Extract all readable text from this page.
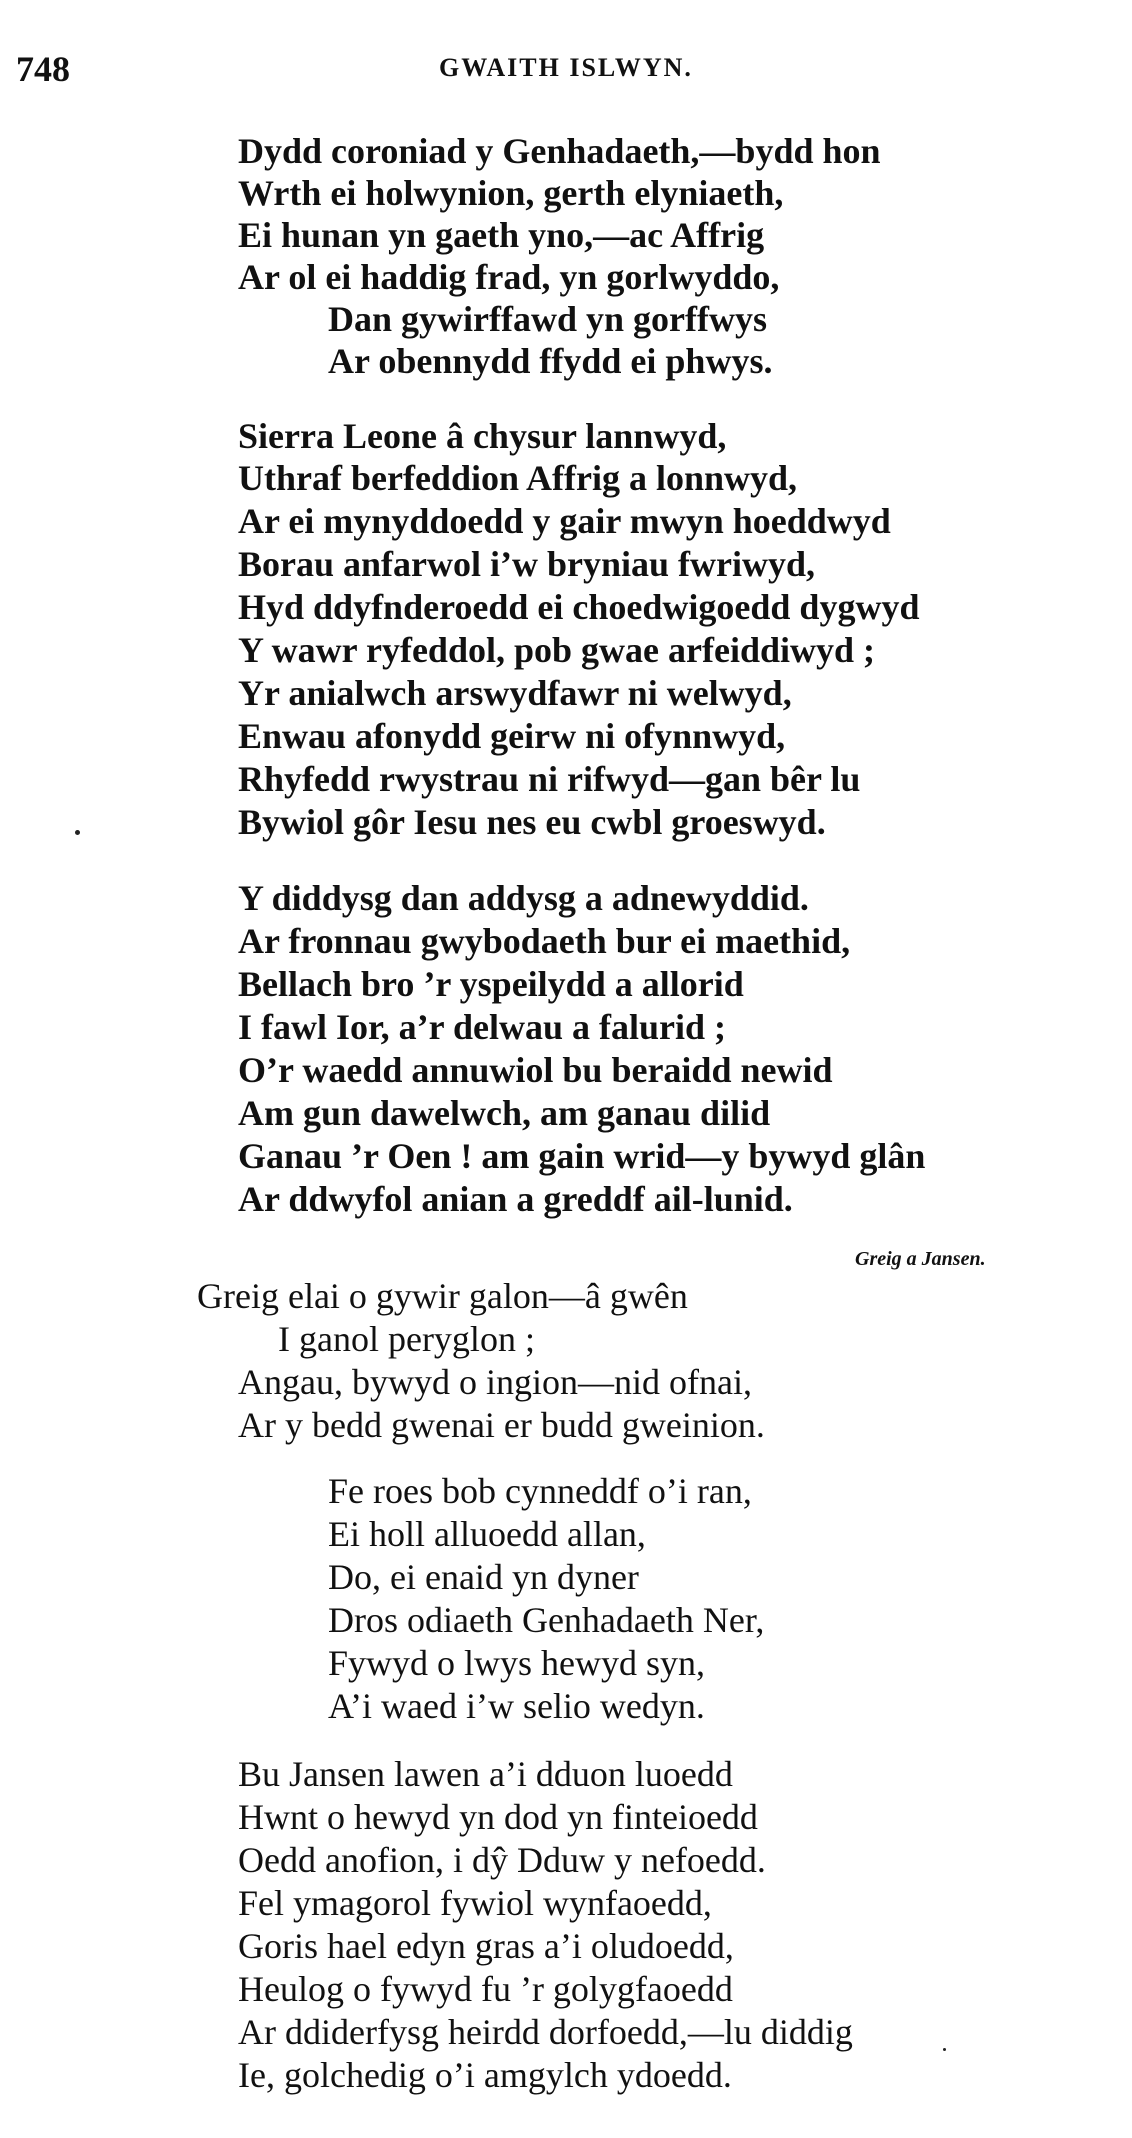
748	GWAITH ISLWYN.
Dydd coroniad y Genhadaeth,—bydd hon
Wrth ei holwynion, gerth elyniaeth,
Ei hunan yn gaeth yno,—ac Affrig
Ar ol ei haddig frad, yn gorlwyddo,
Dan gywirffawd yn gorffwys
Ar obennydd ffydd ei phwys.
Sierra Leone â chysur lannwyd,
Uthraf berfeddion Affrig a lonnwyd,
Ar ei mynyddoedd y gair mwyn hoeddwyd
Borau anfarwol i’w bryniau fwriwyd,
Hyd ddyfnderoedd ei choedwigoedd dygwyd
Y wawr ryfeddol, pob gwae arfeiddiwyd ;
Yr anialwch arswydfawr ni welwyd,
Enwau afonydd geirw ni ofynnwyd,
Rhyfedd rwystrau ni rifwyd—gan bêr lu
Bywiol gôr Iesu nes eu cwbl groeswyd.
Y diddysg dan addysg a adnewyddid.
Ar fronnau gwybodaeth bur ei maethid,
Bellach bro ’r yspeilydd a allorid
I fawl Ior, a’r delwau a falurid ;
O’r waedd annuwiol bu beraidd newid
Am gun dawelwch, am ganau dilid
Ganau ’r Oen ! am gain wrid—y bywyd glân
Ar ddwyfol anian a greddf ail-lunid.
Greig a Jansen.
Greig elai o gywir galon—â gwên
I ganol peryglon ;
Angau, bywyd o ingion—nid ofnai,
Ar y bedd gwenai er budd gweinion.
Fe roes bob cynneddf o’i ran,
Ei holl alluoedd allan,
Do, ei enaid yn dyner
Dros odiaeth Genhadaeth Ner,
Fywyd o lwys hewyd syn,
A’i waed i’w selio wedyn.
Bu Jansen lawen a’i dduon luoedd
Hwnt o hewyd yn dod yn finteioedd
Oedd anofion, i dŷ Dduw y nefoedd.
Fel ymagorol fywiol wynfaoedd,
Goris hael edyn gras a’i oludoedd,
Heulog o fywyd fu ’r golygfaoedd
Ar ddiderfysg heirdd dorfoedd,—lu diddig
Ie, golchedig o’i amgylch ydoedd.
